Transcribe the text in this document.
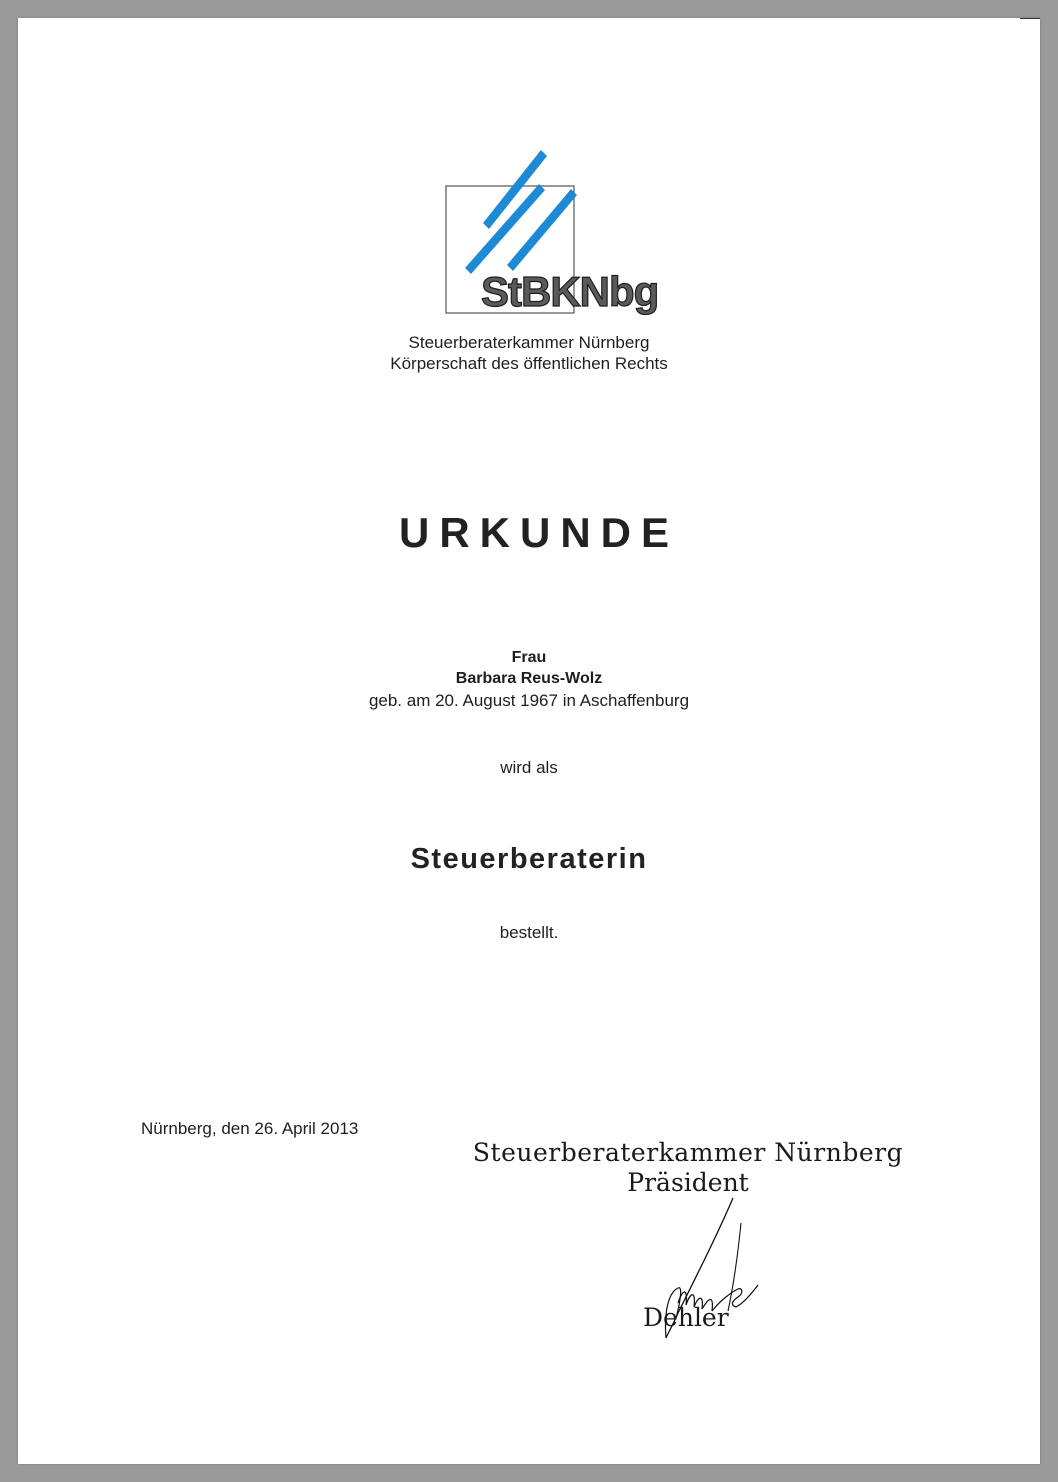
StBKNbg
Steuerberaterkammer Nürnberg
Körperschaft des öffentlichen Rechts
URKUNDE
Frau
Barbara Reus-Wolz
geb. am 20. August 1967 in Aschaffenburg
wird als
Steuerberaterin
bestellt.
Nürnberg, den 26. April 2013
Steuerberaterkammer Nürnberg
Präsident
Dehler
